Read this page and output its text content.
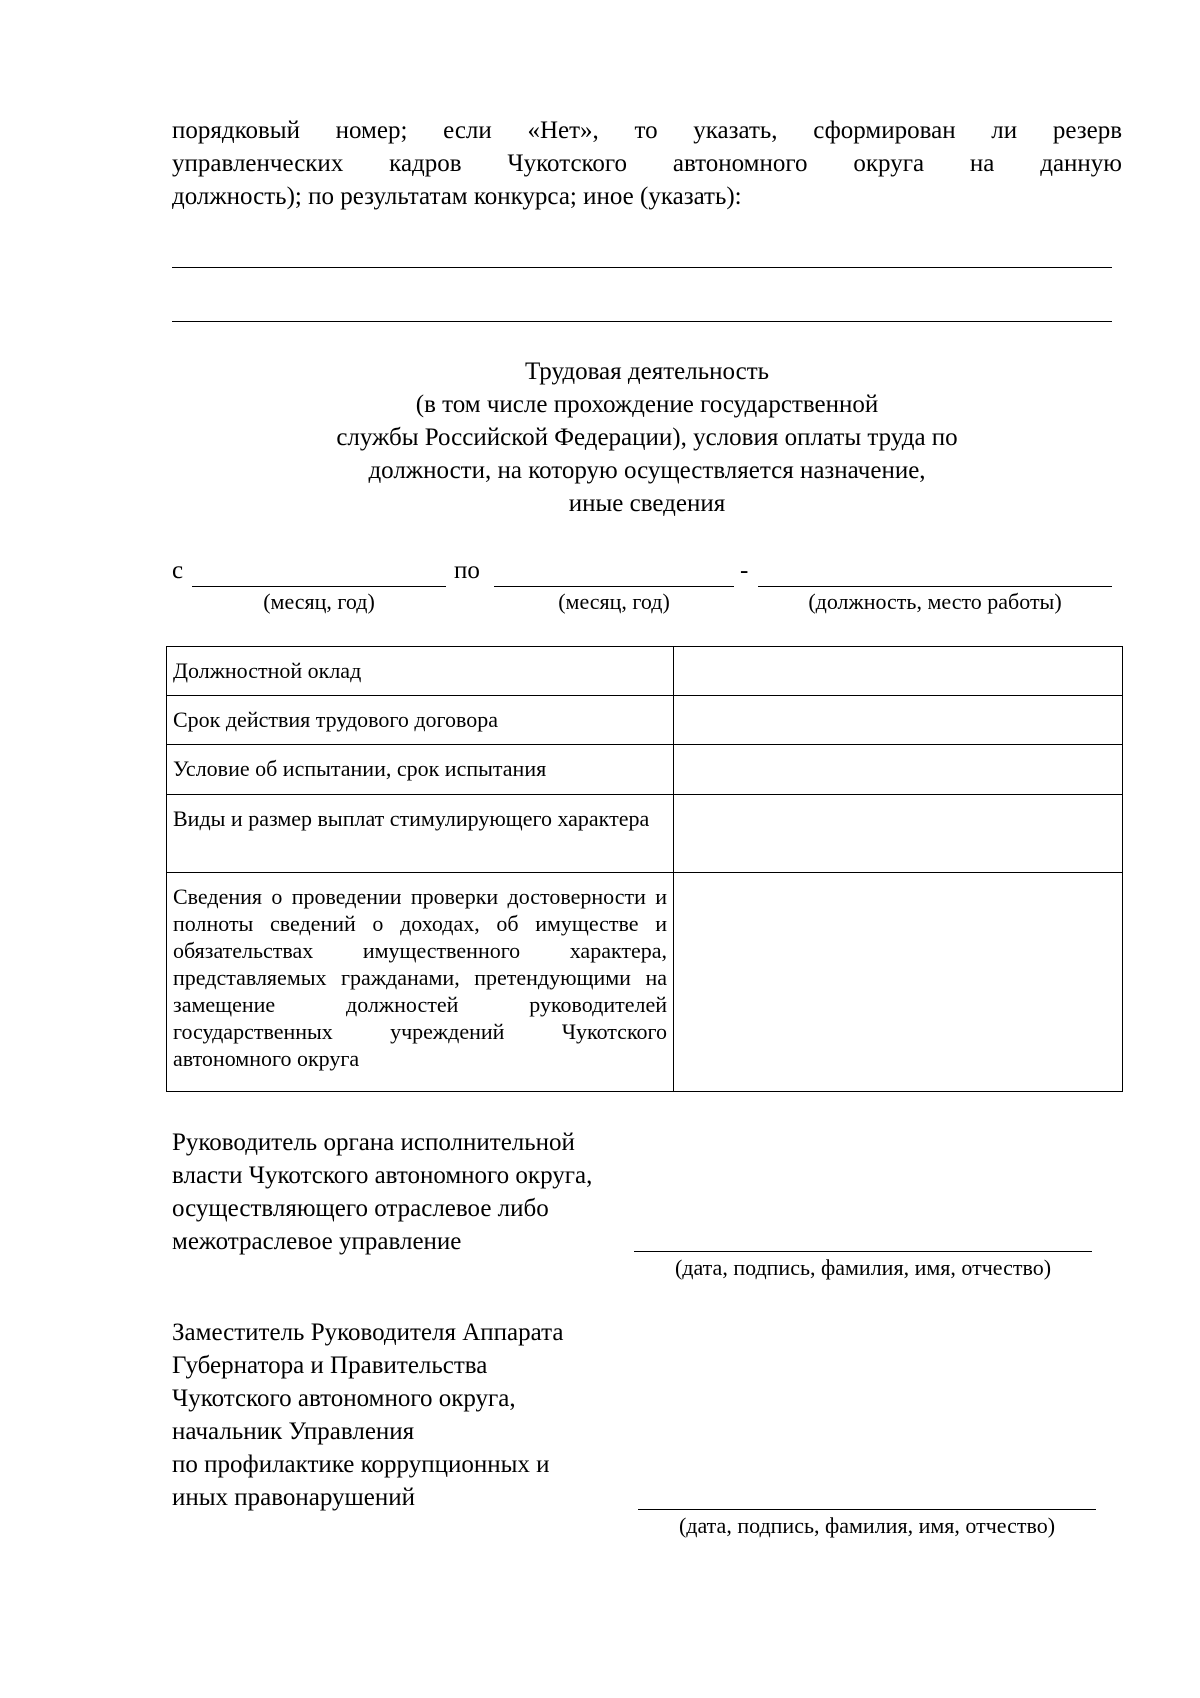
порядковый номер; если «Нет», то указать, сформирован ли резерв
управленческих кадров Чукотского автономного округа на данную
должность); по результатам конкурса; иное (указать):
Трудовая деятельность
(в том числе прохождение государственной
службы Российской Федерации), условия оплаты труда по
должности, на которую осуществляется назначение,
иные сведения
с	по	-
(месяц, год)	(месяц, год)	(должность, место работы)
Должностной оклад	
Срок действия трудового договора	
Условие об испытании, срок испытания	
Виды и размер выплат стимулирующего характера	
Сведения о проведении проверки достоверности и полноты сведений о доходах, об имуществе и обязательствах имущественного характера, представляемых гражданами, претендующими на замещение должностей руководителей государственных учреждений Чукотского автономного округа	
Руководитель органа исполнительной
власти Чукотского автономного округа,
осуществляющего отраслевое либо
межотраслевое управление
(дата, подпись, фамилия, имя, отчество)
Заместитель Руководителя Аппарата
Губернатора и Правительства
Чукотского автономного округа,
начальник Управления
по профилактике коррупционных и
иных правонарушений
(дата, подпись, фамилия, имя, отчество)
